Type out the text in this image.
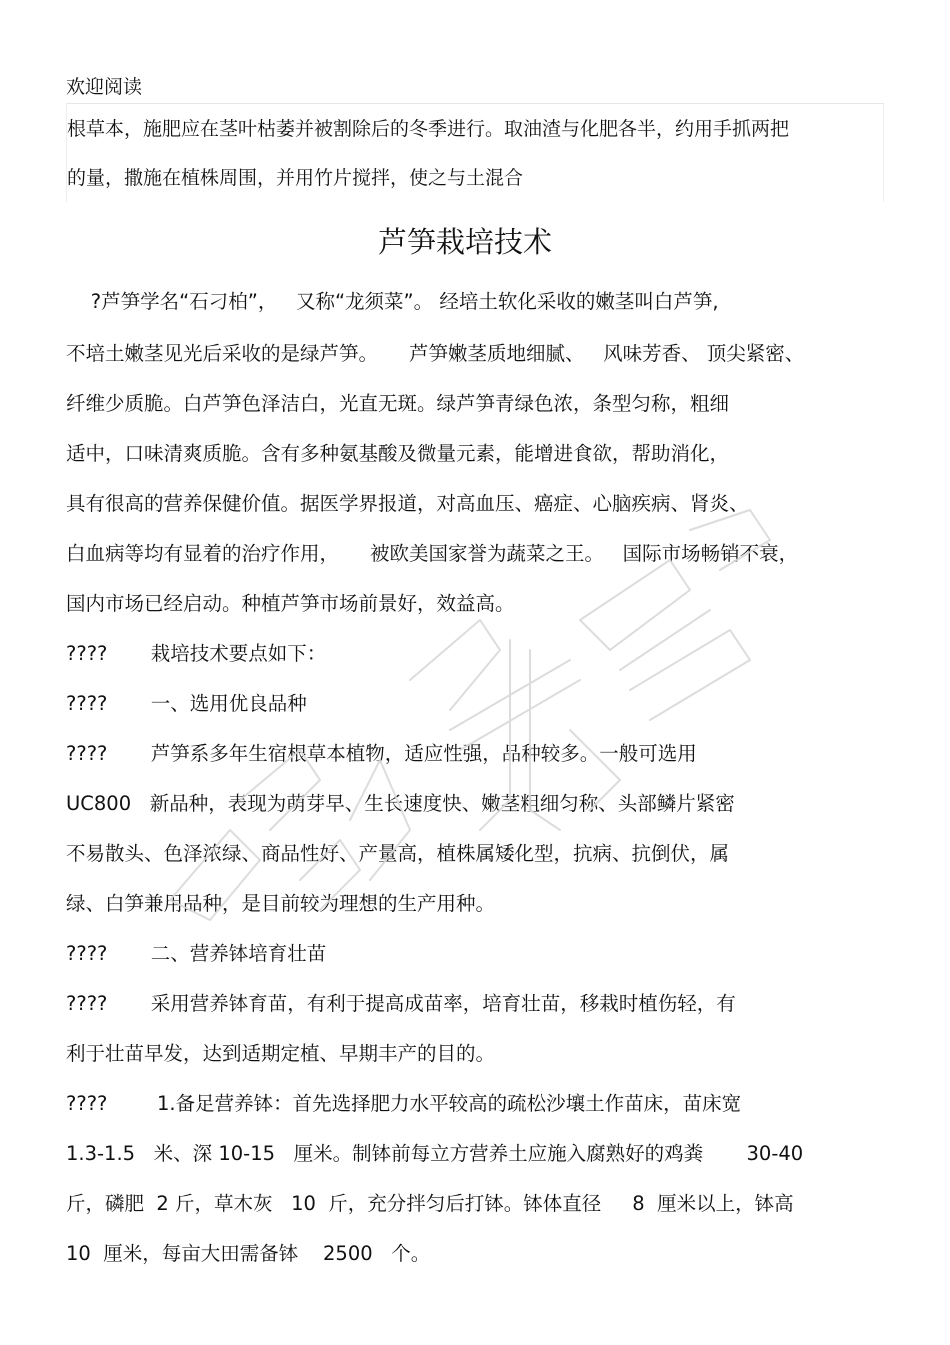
欢迎阅读
根草本，施肥应在茎叶枯萎并被割除后的冬季进行。取油渣与化肥各半，约用手抓两把
的量，撒施在植株周围，并用竹片搅拌，使之与土混合
芦笋栽培技术
?芦笋学名“石刁柏”，   又称“龙须菜”。 经培土软化采收的嫩茎叫白芦笋,
不培土嫩茎见光后采收的是绿芦笋。     芦笋嫩茎质地细腻、   风味芳香、 顶尖紧密、
纤维少质脆。白芦笋色泽洁白，光直无斑。绿芦笋青绿色浓，条型匀称，粗细
适中，口味清爽质脆。含有多种氨基酸及微量元素，能增进食欲，帮助消化，
具有很高的营养保健价值。据医学界报道，对高血压、癌症、心脑疾病、肾炎、
白血病等均有显着的治疗作用，     被欧美国家誉为蔬菜之王。   国际市场畅销不衰，
国内市场已经启动。种植芦笋市场前景好，效益高。
????       栽培技术要点如下：
????       一、选用优良品种
????       芦笋系多年生宿根草本植物，适应性强，品种较多。一般可选用
UC800   新品种，表现为萌芽早、生长速度快、嫩茎粗细匀称、头部鳞片紧密
不易散头、色泽浓绿、商品性好、产量高，植株属矮化型，抗病、抗倒伏，属
绿、白笋兼用品种，是目前较为理想的生产用种。
????       二、营养钵培育壮苗
????       采用营养钵育苗，有利于提高成苗率，培育壮苗，移栽时植伤轻，有
利于壮苗早发，达到适期定植、早期丰产的目的。
????        1.备足营养钵：首先选择肥力水平较高的疏松沙壤土作苗床，苗床宽
1.3-1.5   米、深 10-15   厘米。制钵前每立方营养土应施入腐熟好的鸡粪       30-40
斤，磷肥  2 斤，草木灰   10  斤，充分拌匀后打钵。钵体直径     8  厘米以上，钵高
10  厘米，每亩大田需备钵    2500   个。
